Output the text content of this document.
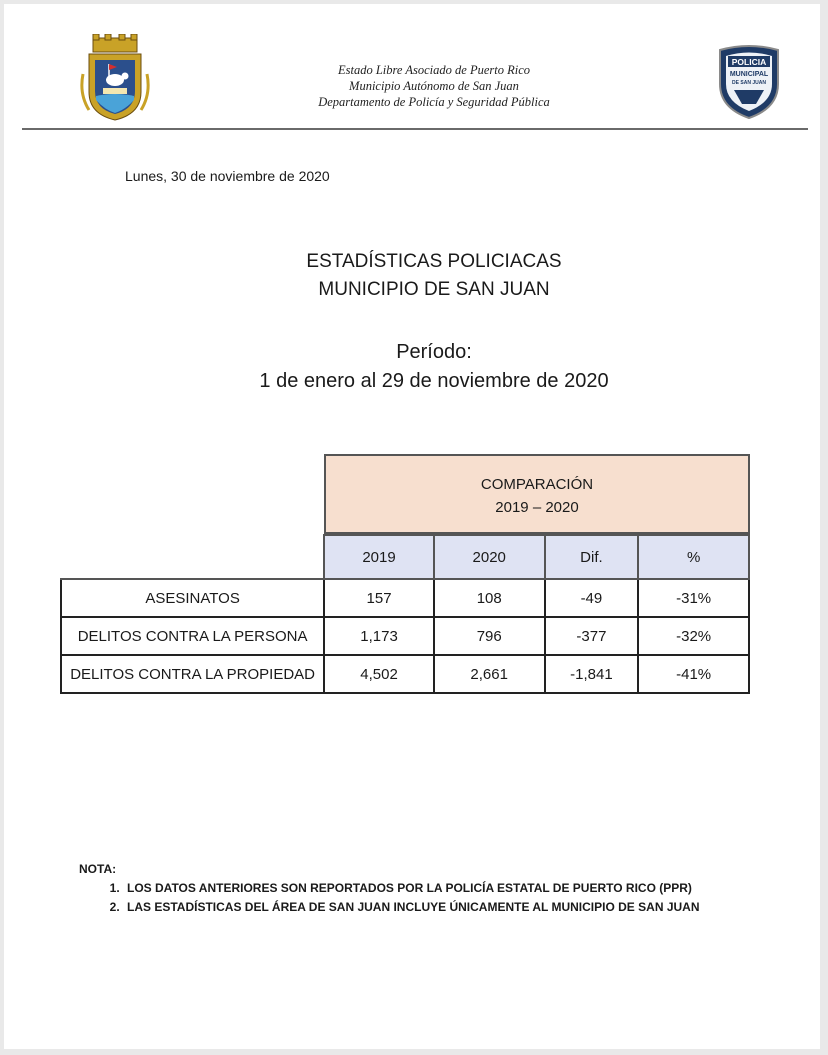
Estado Libre Asociado de Puerto Rico
Municipio Autónomo de San Juan
Departamento de Policía y Seguridad Pública
POLICIA
MUNICIPAL
DE SAN JUAN
Lunes, 30 de noviembre de 2020
ESTADÍSTICAS POLICIACAS
MUNICIPIO DE SAN JUAN
Período:
1 de enero al 29 de noviembre de 2020
COMPARACIÓN
2019 – 2020
	2019	2020	Dif.	%
ASESINATOS	157	108	-49	-31%
DELITOS CONTRA LA PERSONA	1,173	796	-377	-32%
DELITOS CONTRA LA PROPIEDAD	4,502	2,661	-1,841	-41%
NOTA:
1. LOS DATOS ANTERIORES SON REPORTADOS POR LA POLICÍA ESTATAL DE PUERTO RICO (PPR)
2. LAS ESTADÍSTICAS DEL ÁREA DE SAN JUAN INCLUYE ÚNICAMENTE AL MUNICIPIO DE SAN JUAN
